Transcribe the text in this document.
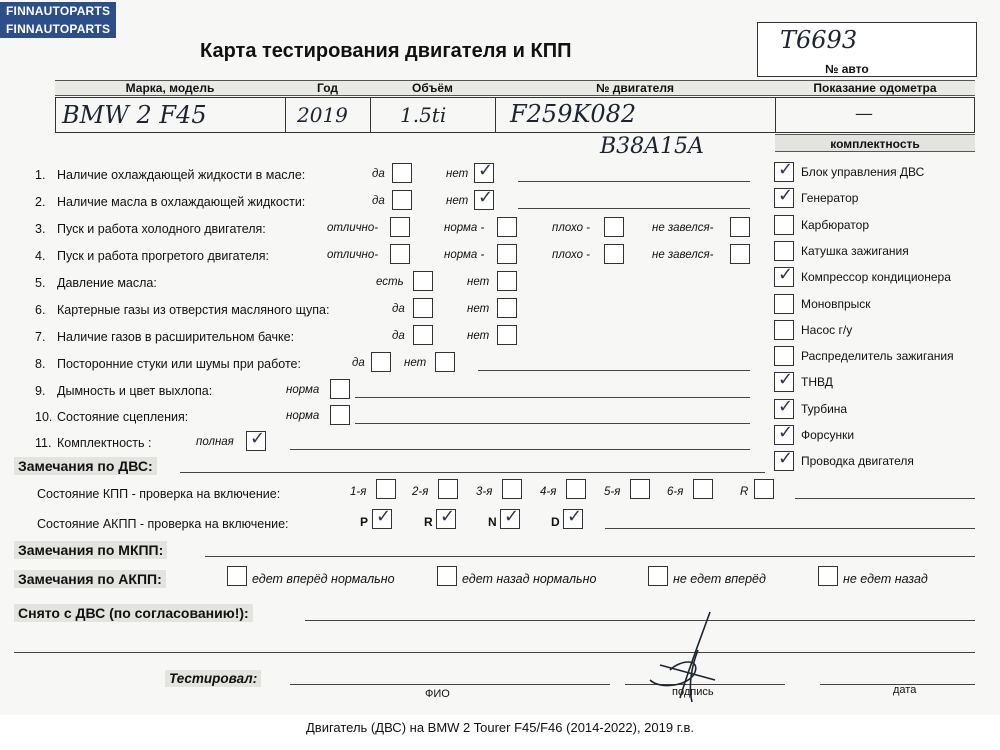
FINNAUTOPARTS
FINNAUTOPARTS
Карта тестирования двигателя и КПП	T6693
№ авто
Марка, модель	Год	Объём	№ двигателя	Показание одометра
BMW 2 F45	2019	1.5ti	F259K082	—
B38A15A	комплектность
1. Наличие охлаждающей жидкости в масле:	да	нет ✓
2. Наличие масла в охлаждающей жидкости:	да	нет ✓
3. Пуск и работа холодного двигателя:	отлично-	норма -	плохо -	не завелся-
4. Пуск и работа прогретого двигателя:	отлично-	норма -	плохо -	не завелся-
5. Давление масла:	есть	нет
6. Картерные газы из отверстия масляного щупа:	да	нет
7. Наличие газов в расширительном бачке:	да	нет
8. Посторонние стуки или шумы при работе:	да	нет
9. Дымность и цвет выхлопа:	норма
10. Состояние сцепления:	норма
11. Комплектность :	полная ✓
✓ Блок управления ДВС
✓ Генератор
Карбюратор
Катушка зажигания
✓ Компрессор кондиционера
Моновпрыск
Насос г/у
Распределитель зажигания
✓ ТНВД
✓ Турбина
✓ Форсунки
✓ Проводка двигателя
Замечания по ДВС:
Состояние КПП - проверка на включение:	1-я	2-я	3-я	4-я	5-я	6-я	R
Состояние АКПП - проверка на включение:	P ✓	R ✓	N ✓	D ✓
Замечания по МКПП:
Замечания по АКПП:	едет вперёд нормально	едет назад нормально	не едет вперёд	не едет назад
Снято с ДВС (по согласованию!):
Тестировал:
ФИО	подпись	дата
Двигатель (ДВС) на BMW 2 Tourer F45/F46 (2014-2022), 2019 г.в.
